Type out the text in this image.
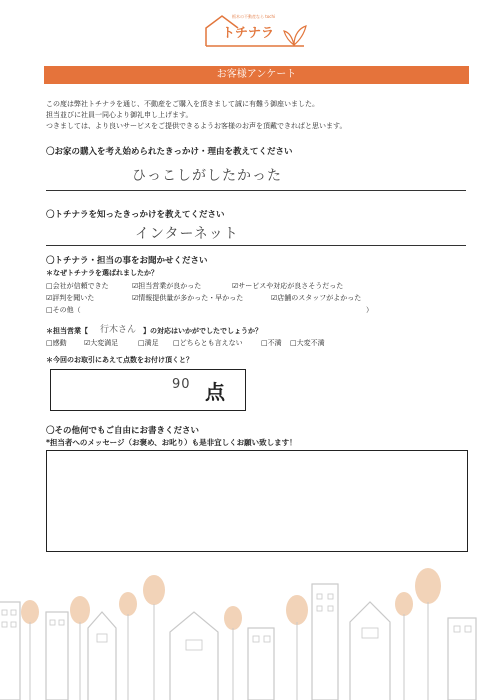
栃木の不動産なら tochi
トチナラ
お客様アンケート
この度は弊社トチナラを通じ、不動産をご購入を頂きまして誠に有難う御座いました。
担当並びに社員一同心より御礼申し上げます。
つきましては、より良いサービスをご提供できるようお客様のお声を頂戴できればと思います。
〇お家の購入を考え始められたきっかけ・理由を教えてください
ひっこしがしたかった
〇トチナラを知ったきっかけを教えてください
インターネット
〇トチナラ・担当の事をお聞かせください
＊なぜトチナラを選ばれましたか？
□会社が信頼できた	☑担当営業が良かった	☑サービスや対応が良さそうだった
☑評判を聞いた	☑情報提供量が多かった・早かった	☑店舗のスタッフがよかった
□その他（	）
＊担当営業【 行木さん 】の対応はいかがでしたでしょうか？
□感動 ☑大変満足	□満足 □どちらとも言えない	□不満 □大変不満
＊今回のお取引にあえて点数をお付け頂くと？
90 点
〇その他何でもご自由にお書きください
*担当者へのメッセージ（お褒め、お叱り）も是非宜しくお願い致します！
